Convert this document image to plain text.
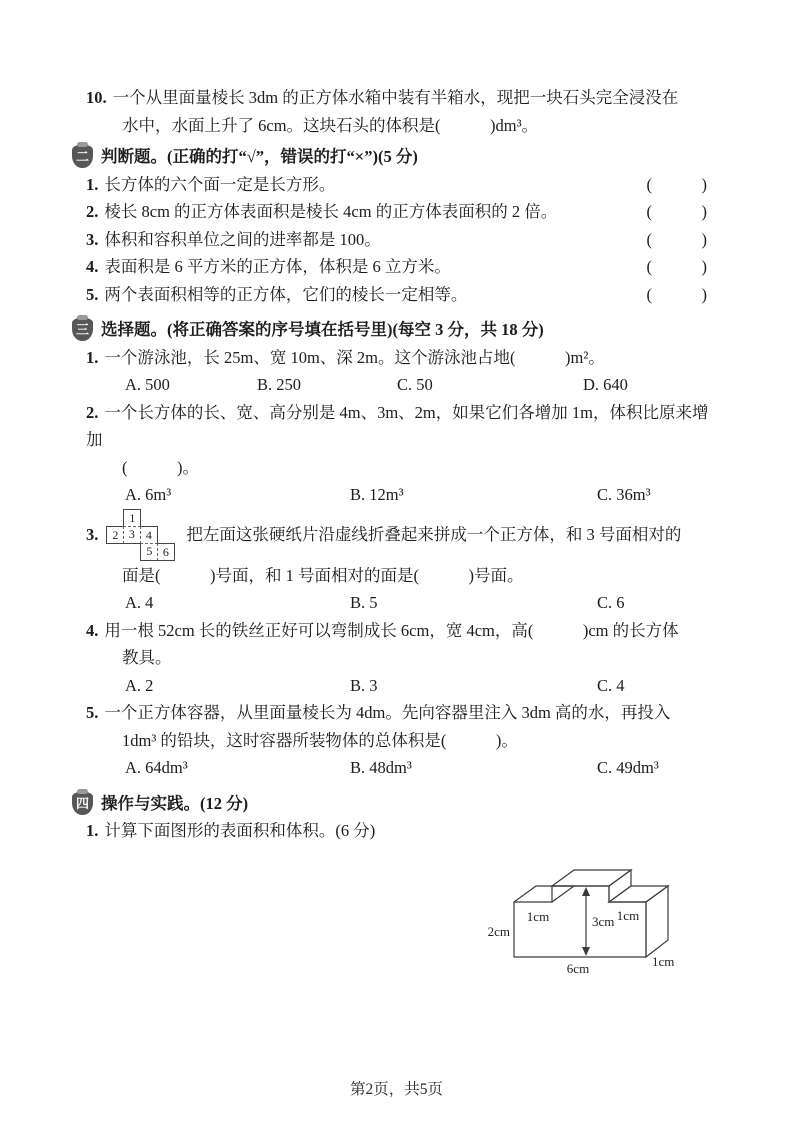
10. 一个从里面量棱长 3dm 的正方体水箱中装有半箱水，现把一块石头完全浸没在
水中，水面上升了 6cm。这块石头的体积是(　　　)dm³。
二 判断题。(正确的打“√”，错误的打“×”)(5 分)
1. 长方体的六个面一定是长方形。	(　　　)
2. 棱长 8cm 的正方体表面积是棱长 4cm 的正方体表面积的 2 倍。	(　　　)
3. 体积和容积单位之间的进率都是 100。	(　　　)
4. 表面积是 6 平方米的正方体，体积是 6 立方米。	(　　　)
5. 两个表面积相等的正方体，它们的棱长一定相等。	(　　　)
三 选择题。(将正确答案的序号填在括号里)(每空 3 分，共 18 分)
1. 一个游泳池，长 25m、宽 10m、深 2m。这个游泳池占地(　　　)m²。
A. 500	B. 250	C. 50	D. 640
2. 一个长方体的长、宽、高分别是 4m、3m、2m，如果它们各增加 1m，体积比原来增加
(　　　)。
A. 6m³	B. 12m³	C. 36m³
3.
1
2 3 4
5 6
把左面这张硬纸片沿虚线折叠起来拼成一个正方体，和 3 号面相对的
面是(　　　)号面，和 1 号面相对的面是(　　　)号面。
A. 4	B. 5	C. 6
4. 用一根 52cm 长的铁丝正好可以弯制成长 6cm，宽 4cm，高(　　　)cm 的长方体
教具。
A. 2	B. 3	C. 4
5. 一个正方体容器，从里面量棱长为 4dm。先向容器里注入 3dm 高的水，再投入
1dm³ 的铅块，这时容器所装物体的总体积是(　　　)。
A. 64dm³	B. 48dm³	C. 49dm³
四 操作与实践。(12 分)
1. 计算下面图形的表面积和体积。(6 分)
2cm
1cm	3cm 1cm
6cm	1cm
第2页，共5页
